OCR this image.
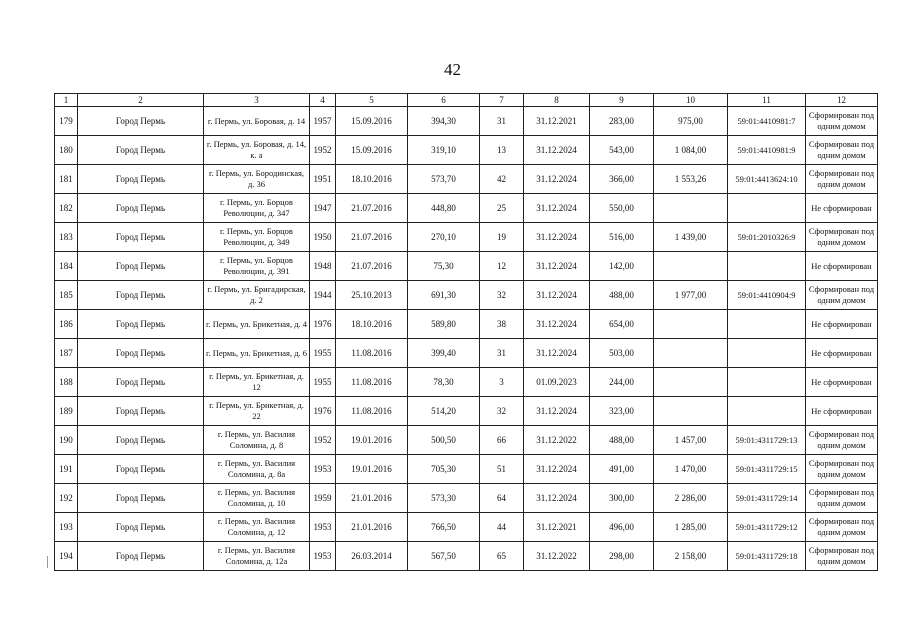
42
1	2	3	4	5	6	7	8	9	10	11	12
179	Город Пермь	г. Пермь, ул. Боровая, д. 14	1957	15.09.2016	394,30	31	31.12.2021	283,00	975,00	59:01:4410981:7	Сформирован под одним домом
180	Город Пермь	г. Пермь, ул. Боровая, д. 14, к. а	1952	15.09.2016	319,10	13	31.12.2024	543,00	1 084,00	59:01:4410981:9	Сформирован под одним домом
181	Город Пермь	г. Пермь, ул. Бородинская, д. 36	1951	18.10.2016	573,70	42	31.12.2024	366,00	1 553,26	59:01:4413624:10	Сформирован под одним домом
182	Город Пермь	г. Пермь, ул. Борцов Революции, д. 347	1947	21.07.2016	448,80	25	31.12.2024	550,00			Не сформирован
183	Город Пермь	г. Пермь, ул. Борцов Революции, д. 349	1950	21.07.2016	270,10	19	31.12.2024	516,00	1 439,00	59:01:2010326:9	Сформирован под одним домом
184	Город Пермь	г. Пермь, ул. Борцов Революции, д. 391	1948	21.07.2016	75,30	12	31.12.2024	142,00			Не сформирован
185	Город Пермь	г. Пермь, ул. Бригадирская, д. 2	1944	25.10.2013	691,30	32	31.12.2024	488,00	1 977,00	59:01:4410904:9	Сформирован под одним домом
186	Город Пермь	г. Пермь, ул. Брикетная, д. 4	1976	18.10.2016	589,80	38	31.12.2024	654,00			Не сформирован
187	Город Пермь	г. Пермь, ул. Брикетная, д. 6	1955	11.08.2016	399,40	31	31.12.2024	503,00			Не сформирован
188	Город Пермь	г. Пермь, ул. Брикетная, д. 12	1955	11.08.2016	78,30	3	01.09.2023	244,00			Не сформирован
189	Город Пермь	г. Пермь, ул. Брикетная, д. 22	1976	11.08.2016	514,20	32	31.12.2024	323,00			Не сформирован
190	Город Пермь	г. Пермь, ул. Василия Соломина, д. 8	1952	19.01.2016	500,50	66	31.12.2022	488,00	1 457,00	59:01:4311729:13	Сформирован под одним домом
191	Город Пермь	г. Пермь, ул. Василия Соломина, д. 8а	1953	19.01.2016	705,30	51	31.12.2024	491,00	1 470,00	59:01:4311729:15	Сформирован под одним домом
192	Город Пермь	г. Пермь, ул. Василия Соломина, д. 10	1959	21.01.2016	573,30	64	31.12.2024	300,00	2 286,00	59:01:4311729:14	Сформирован под одним домом
193	Город Пермь	г. Пермь, ул. Василия Соломина, д. 12	1953	21.01.2016	766,50	44	31.12.2021	496,00	1 285,00	59:01:4311729:12	Сформирован под одним домом
194	Город Пермь	г. Пермь, ул. Василия Соломина, д. 12а	1953	26.03.2014	567,50	65	31.12.2022	298,00	2 158,00	59:01:4311729:18	Сформирован под одним домом
